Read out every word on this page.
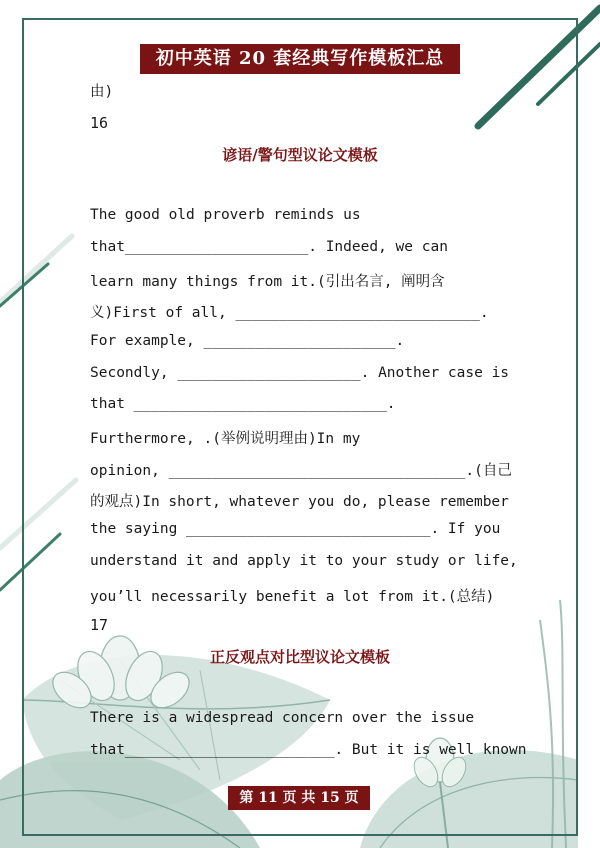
初中英语 20 套经典写作模板汇总
由)
16
谚语/警句型议论文模板
The good old proverb reminds us
that_____________________. Indeed, we can
learn many things from it.(引出名言, 阐明含
义)First of all, ____________________________.
For example, ______________________.
Secondly, _____________________. Another case is
that _____________________________.
Furthermore, .(举例说明理由)In my
opinion, __________________________________.(自己
的观点)In short, whatever you do, please remember
the saying ____________________________. If you
understand it and apply it to your study or life,
you’ll necessarily benefit a lot from it.(总结)
17
正反观点对比型议论文模板
There is a widespread concern over the issue
that________________________. But it is well known
第 11 页 共 15 页
